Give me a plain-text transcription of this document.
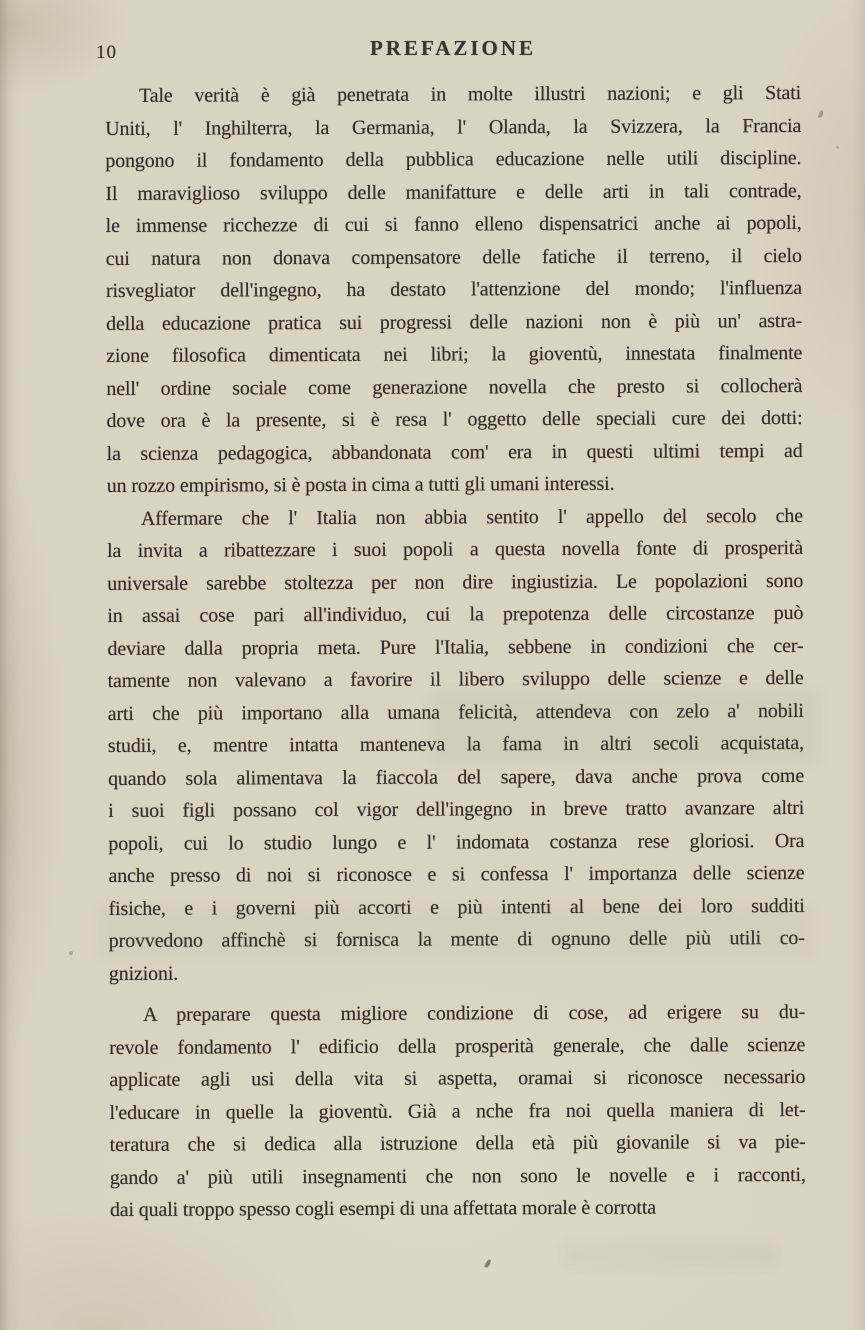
10	PREFAZIONE
Tale verità è già penetrata in molte illustri nazioni; e gli Stati
Uniti, l' Inghilterra, la Germania, l' Olanda, la Svizzera, la Francia
pongono il fondamento della pubblica educazione nelle utili discipline.
Il maraviglioso sviluppo delle manifatture e delle arti in tali contrade,
le immense ricchezze di cui si fanno elleno dispensatrici anche ai popoli,
cui natura non donava compensatore delle fatiche il terreno, il cielo
risvegliator dell'ingegno, ha destato l'attenzione del mondo; l'influenza
della educazione pratica sui progressi delle nazioni non è più un' astra-
zione filosofica dimenticata nei libri; la gioventù, innestata finalmente
nell' ordine sociale come generazione novella che presto si collocherà
dove ora è la presente, si è resa l' oggetto delle speciali cure dei dotti:
la scienza pedagogica, abbandonata com' era in questi ultimi tempi ad
un rozzo empirismo, si è posta in cima a tutti gli umani interessi.
Affermare che l' Italia non abbia sentito l' appello del secolo che
la invita a ribattezzare i suoi popoli a questa novella fonte di prosperità
universale sarebbe stoltezza per non dire ingiustizia. Le popolazioni sono
in assai cose pari all'individuo, cui la prepotenza delle circostanze può
deviare dalla propria meta. Pure l'Italia, sebbene in condizioni che cer-
tamente non valevano a favorire il libero sviluppo delle scienze e delle
arti che più importano alla umana felicità, attendeva con zelo a' nobili
studii, e, mentre intatta manteneva la fama in altri secoli acquistata,
quando sola alimentava la fiaccola del sapere, dava anche prova come
i suoi figli possano col vigor dell'ingegno in breve tratto avanzare altri
popoli, cui lo studio lungo e l' indomata costanza rese gloriosi. Ora
anche presso di noi si riconosce e si confessa l' importanza delle scienze
fisiche, e i governi più accorti e più intenti al bene dei loro sudditi
provvedono affinchè si fornisca la mente di ognuno delle più utili co-
gnizioni.
A preparare questa migliore condizione di cose, ad erigere su du-
revole fondamento l' edificio della prosperità generale, che dalle scienze
applicate agli usi della vita si aspetta, oramai si riconosce necessario
l'educare in quelle la gioventù. Già a nche fra noi quella maniera di let-
teratura che si dedica alla istruzione della età più giovanile si va pie-
gando a' più utili insegnamenti che non sono le novelle e i racconti,
dai quali troppo spesso cogli esempi di una affettata morale è corrotta
